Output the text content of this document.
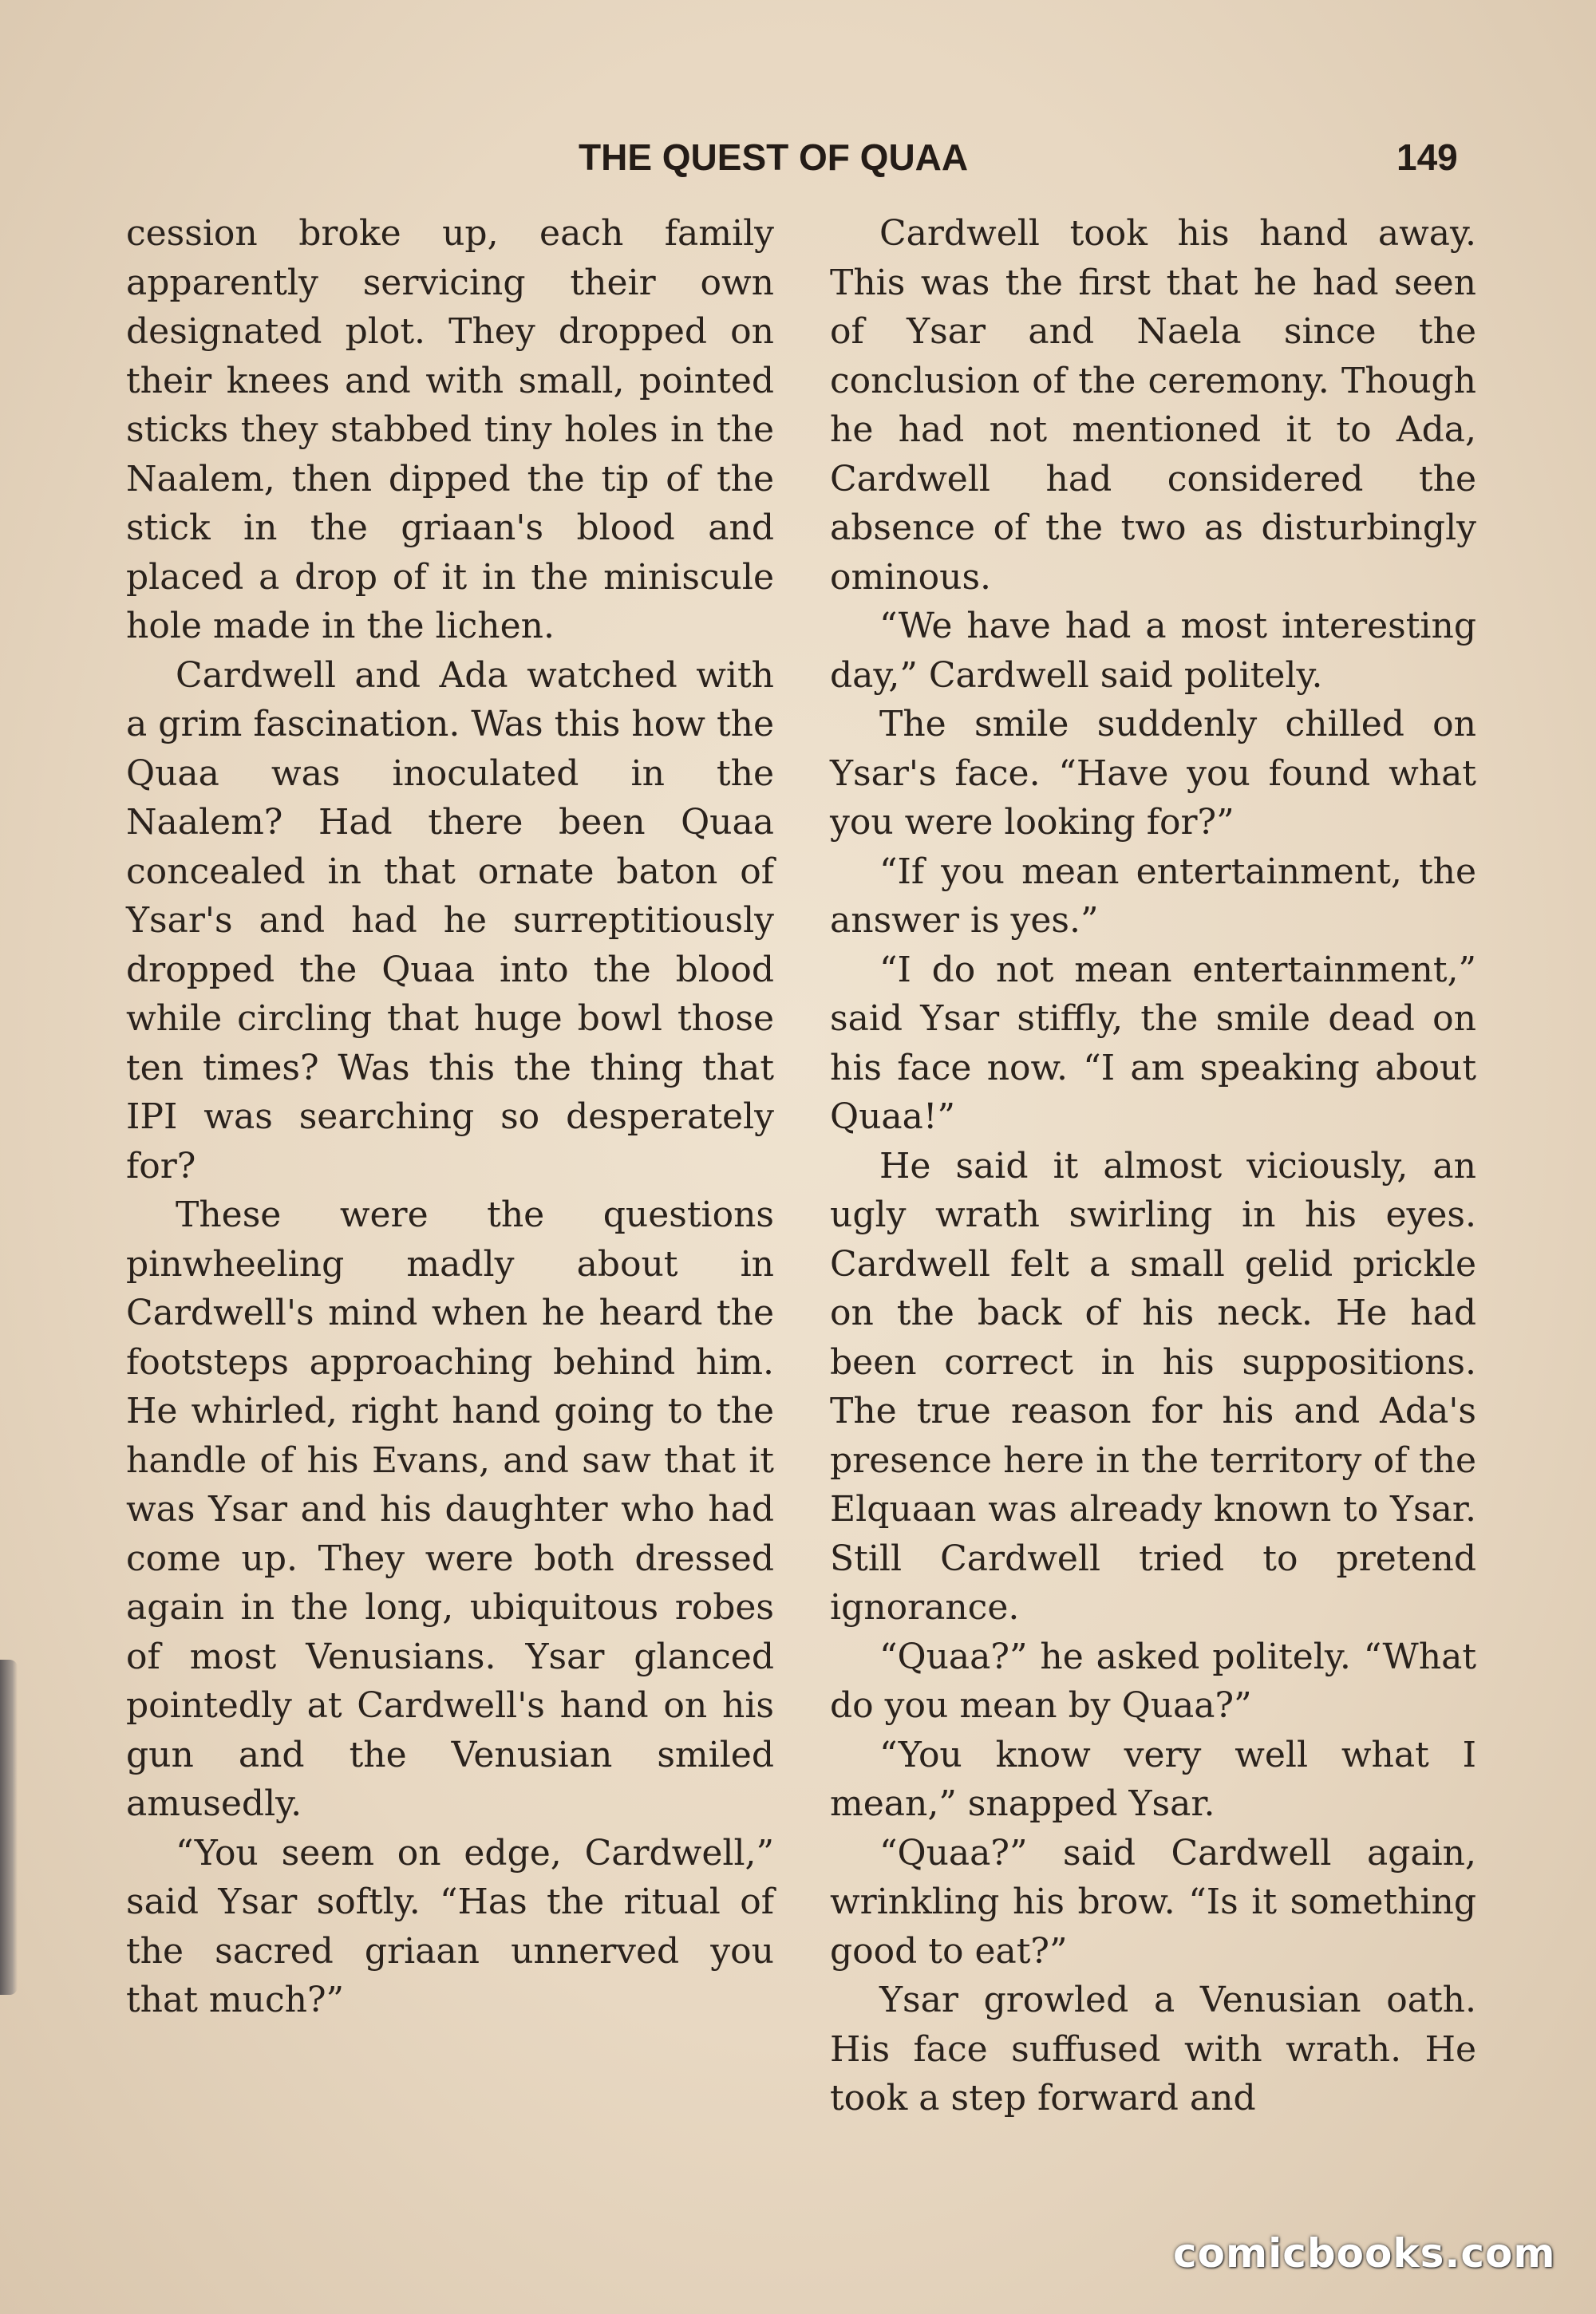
THE QUEST OF QUAA	149

cession broke up, each family apparently servicing their own designated plot. They dropped on their knees and with small, pointed sticks they stabbed tiny holes in the Naalem, then dipped the tip of the stick in the griaan's blood and placed a drop of it in the miniscule hole made in the lichen.

Cardwell and Ada watched with a grim fascination. Was this how the Quaa was inoculated in the Naalem? Had there been Quaa concealed in that ornate baton of Ysar's and had he surreptitiously dropped the Quaa into the blood while circling that huge bowl those ten times? Was this the thing that IPI was searching so desperately for?

These were the questions pinwheeling madly about in Cardwell's mind when he heard the footsteps approaching behind him. He whirled, right hand going to the handle of his Evans, and saw that it was Ysar and his daughter who had come up. They were both dressed again in the long, ubiquitous robes of most Venusians. Ysar glanced pointedly at Cardwell's hand on his gun and the Venusian smiled amusedly.

“You seem on edge, Cardwell,” said Ysar softly. “Has the ritual of the sacred griaan unnerved you that much?”

Cardwell took his hand away. This was the first that he had seen of Ysar and Naela since the conclusion of the ceremony. Though he had not mentioned it to Ada, Cardwell had considered the absence of the two as disturbingly ominous.

“We have had a most interesting day,” Cardwell said politely.

The smile suddenly chilled on Ysar's face. “Have you found what you were looking for?”

“If you mean entertainment, the answer is yes.”

“I do not mean entertainment,” said Ysar stiffly, the smile dead on his face now. “I am speaking about Quaa!”

He said it almost viciously, an ugly wrath swirling in his eyes. Cardwell felt a small gelid prickle on the back of his neck. He had been correct in his suppositions. The true reason for his and Ada's presence here in the territory of the Elquaan was already known to Ysar. Still Cardwell tried to pretend ignorance.

“Quaa?” he asked politely. “What do you mean by Quaa?”

“You know very well what I mean,” snapped Ysar.

“Quaa?” said Cardwell again, wrinkling his brow. “Is it something good to eat?”

Ysar growled a Venusian oath. His face suffused with wrath. He took a step forward and

comicbooks.com
